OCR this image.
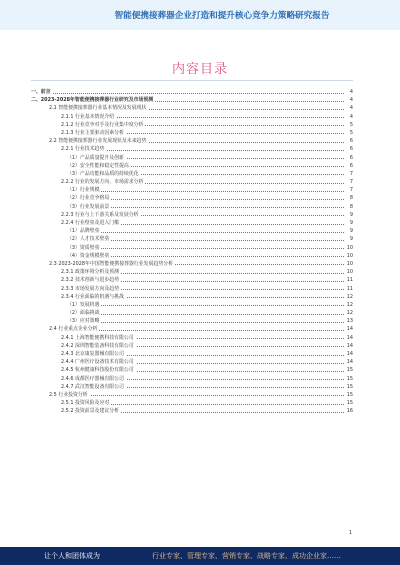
智能便携接葬器企业打造和提升核心竞争力策略研究报告
内容目录
一、前言	4
二、2023-2028年智能便携接葬器行业研究及市场预测	4
2.1 智能便携接葬器行业基本情况及发展现状	4
2.1.1 行业基本情况介绍	4
2.1.2 行业竞争对手及行业集中度分析	5
2.1.3 行业主要驱动因素分析	5
2.2 智能便携接葬器行业发展现状及未来趋势	6
2.2.1 行业技术趋势	6
（1）产品质量提升及创新	6
（2）安全性能和稳定性提高	6
（3）产品功能和品质的持续优化	7
2.2.2 行业的发展方向、市场需求分析	7
（1）行业规模	7
（2）行业竞争格局	8
（3）行业发展前景	8
2.2.3 行业与上下游关系及发展分析	9
2.2.4 行业壁垒及进入门槛	9
（1）品牌壁垒	9
（2）人才技术壁垒	9
（3）资质壁垒	10
（4）资金规模壁垒	10
2.3 2023-2028年中国智能便携接葬器行业发展趋势分析	10
2.3.1 政策环境分析及预测	10
2.3.2 技术创新与进步趋势	11
2.3.3 市场发展方向及趋势	11
2.3.4 行业面临的机遇与挑战	12
（1）发展机遇	12
（2）面临挑战	12
（3）应对策略	13
2.4 行业重点企业分析	14
2.4.1 上海智能便携科技有限公司	14
2.4.2 深圳智能装备科技有限公司	14
2.4.3 北京康复器械有限公司	14
2.4.4 广州医疗设备技术有限公司	14
2.4.5 杭州健康科技股份有限公司	15
2.4.6 成都医疗器械有限公司	15
2.4.7 武汉智能设备有限公司	15
2.5 行业投资分析	15
2.5.1 投资风险及应对	15
2.5.2 投资前景及建议分析	16
1
让个人和团体成为	行业专家、管理专家、营销专家、战略专家、成功企业家……
